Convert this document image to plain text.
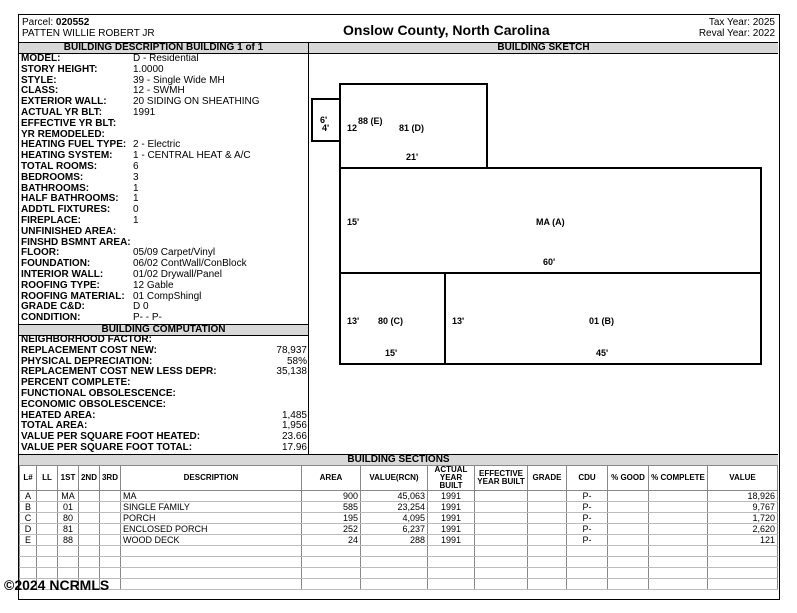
Parcel: 020552
PATTEN WILLIE ROBERT JR	Onslow County, North Carolina	Tax Year: 2025
Reval Year: 2022
BUILDING DESCRIPTION BUILDING 1 of 1
MODEL:	D - Residential
STORY HEIGHT:	1.0000
STYLE:	39 - Single Wide MH
CLASS:	12 - SWMH
EXTERIOR WALL:	20 SIDING ON SHEATHING
ACTUAL YR BLT:	1991
EFFECTIVE YR BLT:
YR REMODELED:
HEATING FUEL TYPE: 2 - Electric
HEATING SYSTEM: 1 - CENTRAL HEAT & A/C
TOTAL ROOMS:	6
BEDROOMS:	3
BATHROOMS:	1
HALF BATHROOMS: 1
ADDTL FIXTURES: 0
FIREPLACE:	1
UNFINISHED AREA:
FINSHD BSMNT AREA:
FLOOR:	05/09 Carpet/Vinyl
FOUNDATION:	06/02 ContWall/ConBlock
INTERIOR WALL:	01/02 Drywall/Panel
ROOFING TYPE:	12 Gable
ROOFING MATERIAL: 01 CompShingl
GRADE C&D:	D 0
CONDITION:	P- - P-
BUILDING COMPUTATION
NEIGHBORHOOD FACTOR:
REPLACEMENT COST NEW:	78,937
PHYSICAL DEPRECIATION:	58%
REPLACEMENT COST NEW LESS DEPR:	35,138
PERCENT COMPLETE:
FUNCTIONAL OBSOLESCENCE:
ECONOMIC OBSOLESCENCE:
HEATED AREA:	1,485
TOTAL AREA:	1,956
VALUE PER SQUARE FOOT HEATED:	23.66
VALUE PER SQUARE FOOT TOTAL:	17.96
BUILDING SKETCH
6'
4' 12
88 (E)
81 (D)
21'
15'	MA (A)
60'
13' 80 (C)
15'
13'	01 (B)
45'
BUILDING SECTIONS
L#	LL	1ST	2ND	3RD	DESCRIPTION	AREA	VALUE(RCN)	ACTUAL YEAR BUILT	EFFECTIVE YEAR BUILT	GRADE	CDU	% GOOD	% COMPLETE	VALUE
A		MA			MA	900	45,063	1991			P-			18,926
B		01			SINGLE FAMILY	585	23,254	1991			P-			9,767
C		80			PORCH	195	4,095	1991			P-			1,720
D		81			ENCLOSED PORCH	252	6,237	1991			P-			2,620
E		88			WOOD DECK	24	288	1991			P-			121

©2024 NCRMLS
